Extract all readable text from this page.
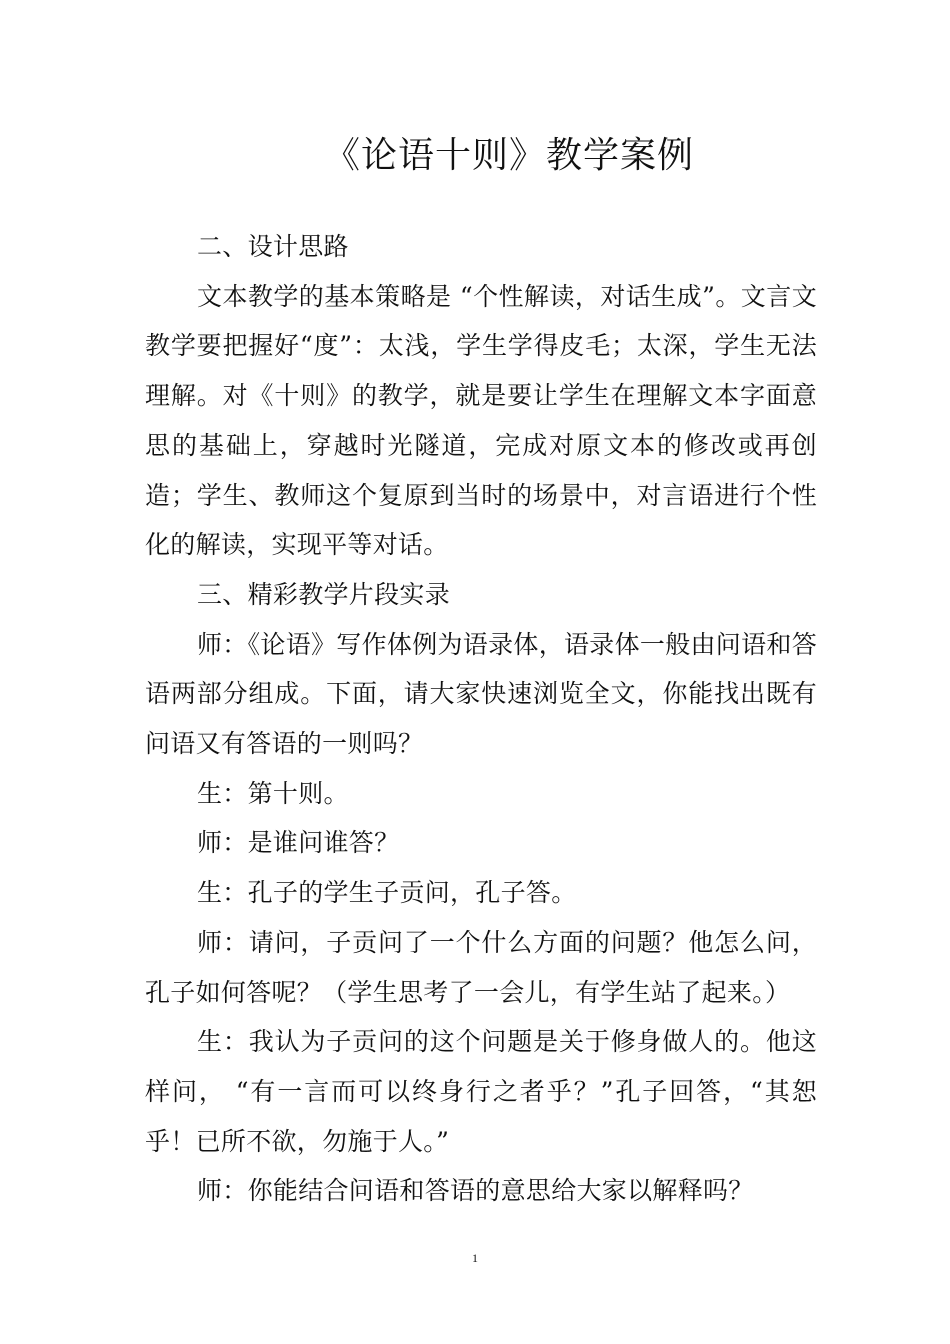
《论语十则》教学案例

二、设计思路

文本教学的基本策略是 “个性解读，对话生成”。文言文教学要把握好“度”：太浅，学生学得皮毛；太深，学生无法理解。对《十则》的教学，就是要让学生在理解文本字面意思的基础上，穿越时光隧道，完成对原文本的修改或再创造；学生、教师这个复原到当时的场景中，对言语进行个性化的解读，实现平等对话。

三、精彩教学片段实录

师：《论语》写作体例为语录体，语录体一般由问语和答语两部分组成。下面，请大家快速浏览全文，你能找出既有问语又有答语的一则吗？

生：第十则。

师：是谁问谁答？

生：孔子的学生子贡问，孔子答。

师：请问，子贡问了一个什么方面的问题？他怎么问，孔子如何答呢？（学生思考了一会儿，有学生站了起来。）

生：我认为子贡问的这个问题是关于修身做人的。他这样问， “有一言而可以终身行之者乎？”孔子回答，“其恕乎！已所不欲，勿施于人。”

师：你能结合问语和答语的意思给大家以解释吗？

1
